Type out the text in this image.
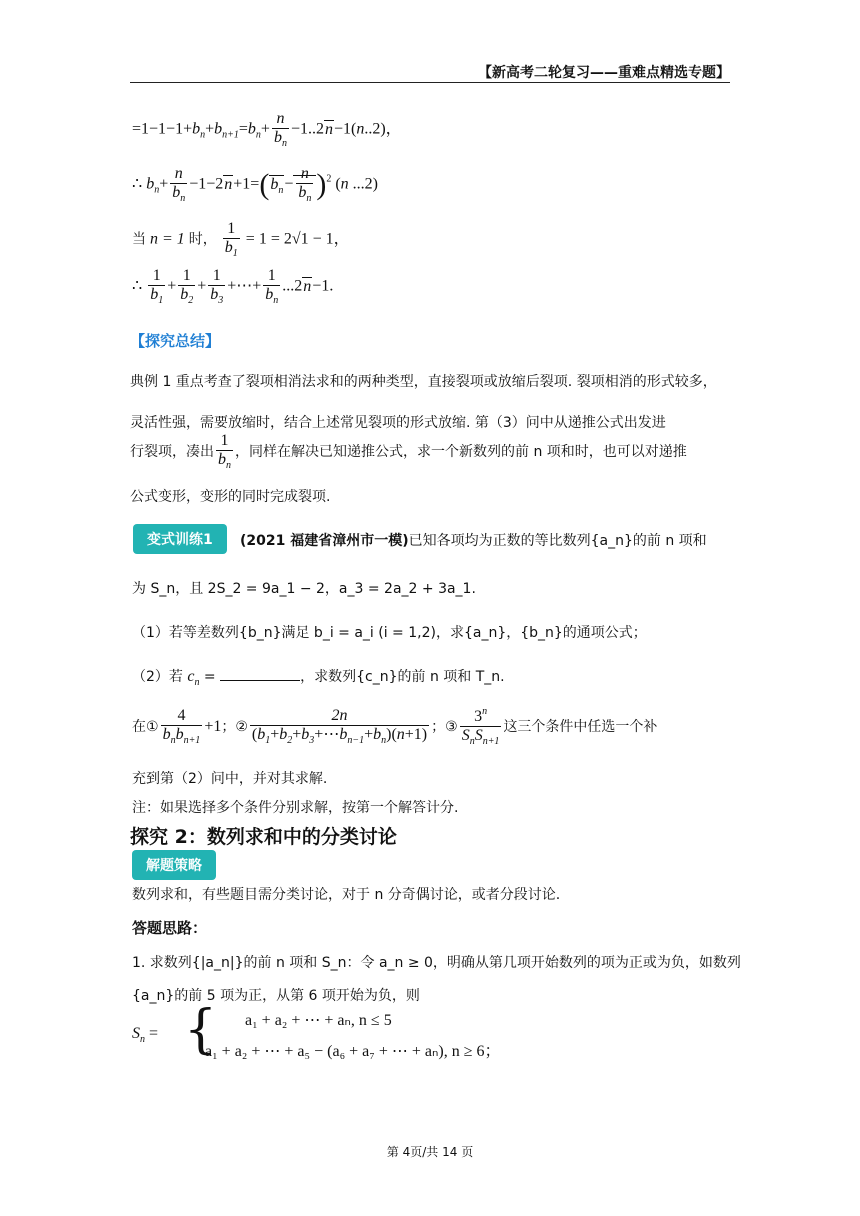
【新高考二轮复习——重难点精选专题】
$=1-1-1+b_n+b_{n+1}=b_n+ \frac{n}{b_n} -1..2n-1(n..2)$，
∴ $b_n+ \frac{n}{b_n} -1-2n+1=(b_n- \frac{n}{b_n} )^2$ (n ...2)
当 n = 1 时， $\frac{1}{b_1} = 1 = 2√1 - 1$，
∴ $\frac{1}{b_1} + \frac{1}{b_2} + \frac{1}{b_3}$ +⋯+ $\frac{1}{b_n} ...2n-1$.
【探究总结】
典例 1 重点考查了裂项相消法求和的两种类型，直接裂项或放缩后裂项. 裂项相消的形式较多，灵活性强，需要放缩时，结合上述常见裂项的形式放缩. 第（3）问中从递推公式出发进
行裂项，凑出 $\frac{1}{b_n}$ ，同样在解决已知递推公式，求一个新数列的前 n 项和时，也可以对递推
公式变形，变形的同时完成裂项.
变式训练1	(2021 福建省漳州市一模)已知各项均为正数的等比数列{a_n}的前 n 项和
为 S_n，且 2S_2 = 9a_1 − 2，a_3 = 2a_2 + 3a_1.
（1）若等差数列{b_n}满足 b_i = a_i (i = 1,2)，求{a_n}，{b_n}的通项公式；
（2）若 $c_n$ =	，求数列{c_n}的前 n 项和 T_n.
在①
4
$b_nb_{n+1}$
+1；② $\frac{2n}{(b_1+b_2+b_3+\cdots b_{n-1}+b_n)(n+1)}$ ；③
3$^n$
$S_nS_{n+1}$
这三个条件中任选一个补
充到第（2）问中，并对其求解.
注：如果选择多个条件分别求解，按第一个解答计分.
探究 2：数列求和中的分类讨论
解题策略
数列求和，有些题目需分类讨论，对于 n 分奇偶讨论，或者分段讨论.
答题思路：
1. 求数列{|a_n|}的前 n 项和 S_n：令 a_n ≥ 0，明确从第几项开始数列的项为正或为负，如数列
{a_n}的前 5 项为正，从第 6 项开始为负，则
$S_n$ = { a₁ + a₂ + ⋯ + aₙ, n ≤ 5
a₁ + a₂ + ⋯ + a₅ − (a₆ + a₇ + ⋯ + aₙ), n ≥ 6；
第 4页/共 14 页
